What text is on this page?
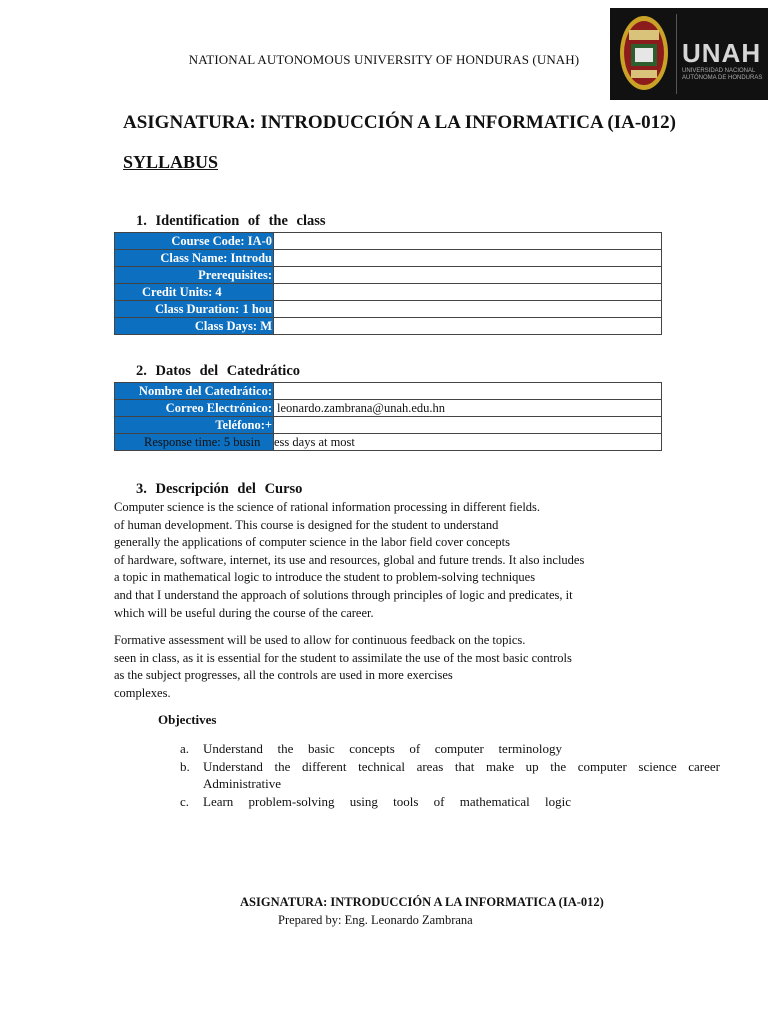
NATIONAL AUTONOMOUS UNIVERSITY OF HONDURAS (UNAH)	UNAH
UNIVERSIDAD NACIONAL AUTÓNOMA DE HONDURAS
ASIGNATURA: INTRODUCCIÓN A LA INFORMATICA (IA-012)
SYLLABUS
1. Identification of the class
Course Code: IA-0	
Class Name: Introdu	
Prerequisites:	
Credit Units: 4	
Class Duration: 1 hou	
Class Days: M	
2. Datos del Catedrático
Nombre del Catedrático:	
Correo Electrónico:	leonardo.zambrana@unah.edu.hn
Teléfono:+	
Response time: 5 busin	ess days at most
3. Descripción del Curso
Computer science is the science of rational information processing in different fields.
of human development. This course is designed for the student to understand
generally the applications of computer science in the labor field cover concepts
of hardware, software, internet, its use and resources, global and future trends. It also includes
a topic in mathematical logic to introduce the student to problem-solving techniques
and that I understand the approach of solutions through principles of logic and predicates, it
which will be useful during the course of the career.
Formative assessment will be used to allow for continuous feedback on the topics.
seen in class, as it is essential for the student to assimilate the use of the most basic controls
as the subject progresses, all the controls are used in more exercises
complexes.
Objectives
a.	Understand the basic concepts of computer terminology
b.	Understand the different technical areas that make up the computer science career
Administrative
c.	Learn problem-solving using tools of mathematical logic
ASIGNATURA: INTRODUCCIÓN A LA INFORMATICA (IA-012)
Prepared by: Eng. Leonardo Zambrana
